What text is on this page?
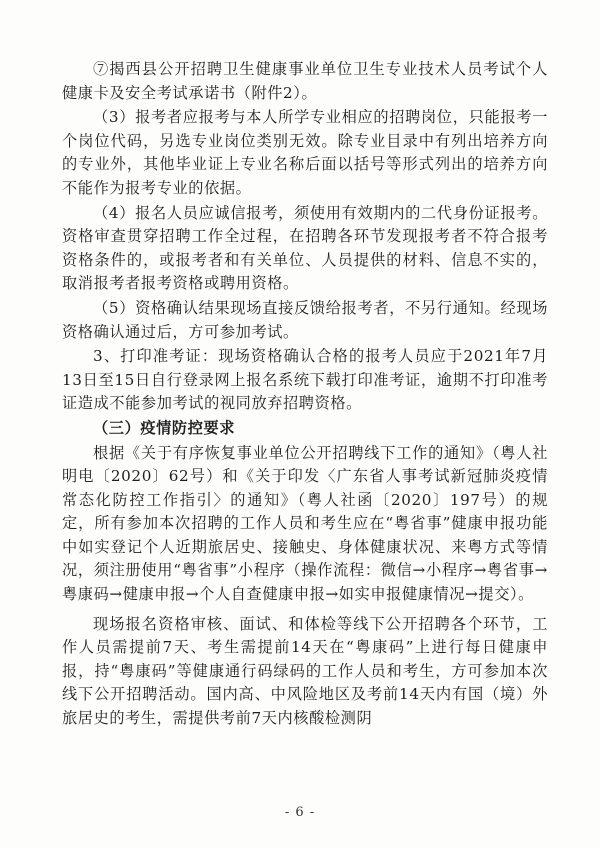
⑦揭西县公开招聘卫生健康事业单位卫生专业技术人员考试个人健康卡及安全考试承诺书（附件2）。

（3）报考者应报考与本人所学专业相应的招聘岗位，只能报考一个岗位代码，另选专业岗位类别无效。除专业目录中有列出培养方向的专业外，其他毕业证上专业名称后面以括号等形式列出的培养方向不能作为报考专业的依据。

（4）报名人员应诚信报考，须使用有效期内的二代身份证报考。资格审查贯穿招聘工作全过程，在招聘各环节发现报考者不符合报考资格条件的，或报考者和有关单位、人员提供的材料、信息不实的，取消报考者报考资格或聘用资格。

（5）资格确认结果现场直接反馈给报考者，不另行通知。经现场资格确认通过后，方可参加考试。

3、打印准考证：现场资格确认合格的报考人员应于2021年7月13日至15日自行登录网上报名系统下载打印准考证，逾期不打印准考证造成不能参加考试的视同放弃招聘资格。

（三）疫情防控要求

根据《关于有序恢复事业单位公开招聘线下工作的通知》（粤人社明电〔2020〕62号）和《关于印发〈广东省人事考试新冠肺炎疫情常态化防控工作指引〉的通知》（粤人社函〔2020〕197号）的规定，所有参加本次招聘的工作人员和考生应在“粤省事”健康申报功能中如实登记个人近期旅居史、接触史、身体健康状况、来粤方式等情况，须注册使用“粤省事”小程序（操作流程：微信→小程序→粤省事→粤康码→健康申报→个人自查健康申报→如实申报健康情况→提交）。

现场报名资格审核、面试、和体检等线下公开招聘各个环节，工作人员需提前7天、考生需提前14天在“粤康码”上进行每日健康申报，持“粤康码”等健康通行码绿码的工作人员和考生，方可参加本次线下公开招聘活动。国内高、中风险地区及考前14天内有国（境）外旅居史的考生，需提供考前7天内核酸检测阴

- 6 -
